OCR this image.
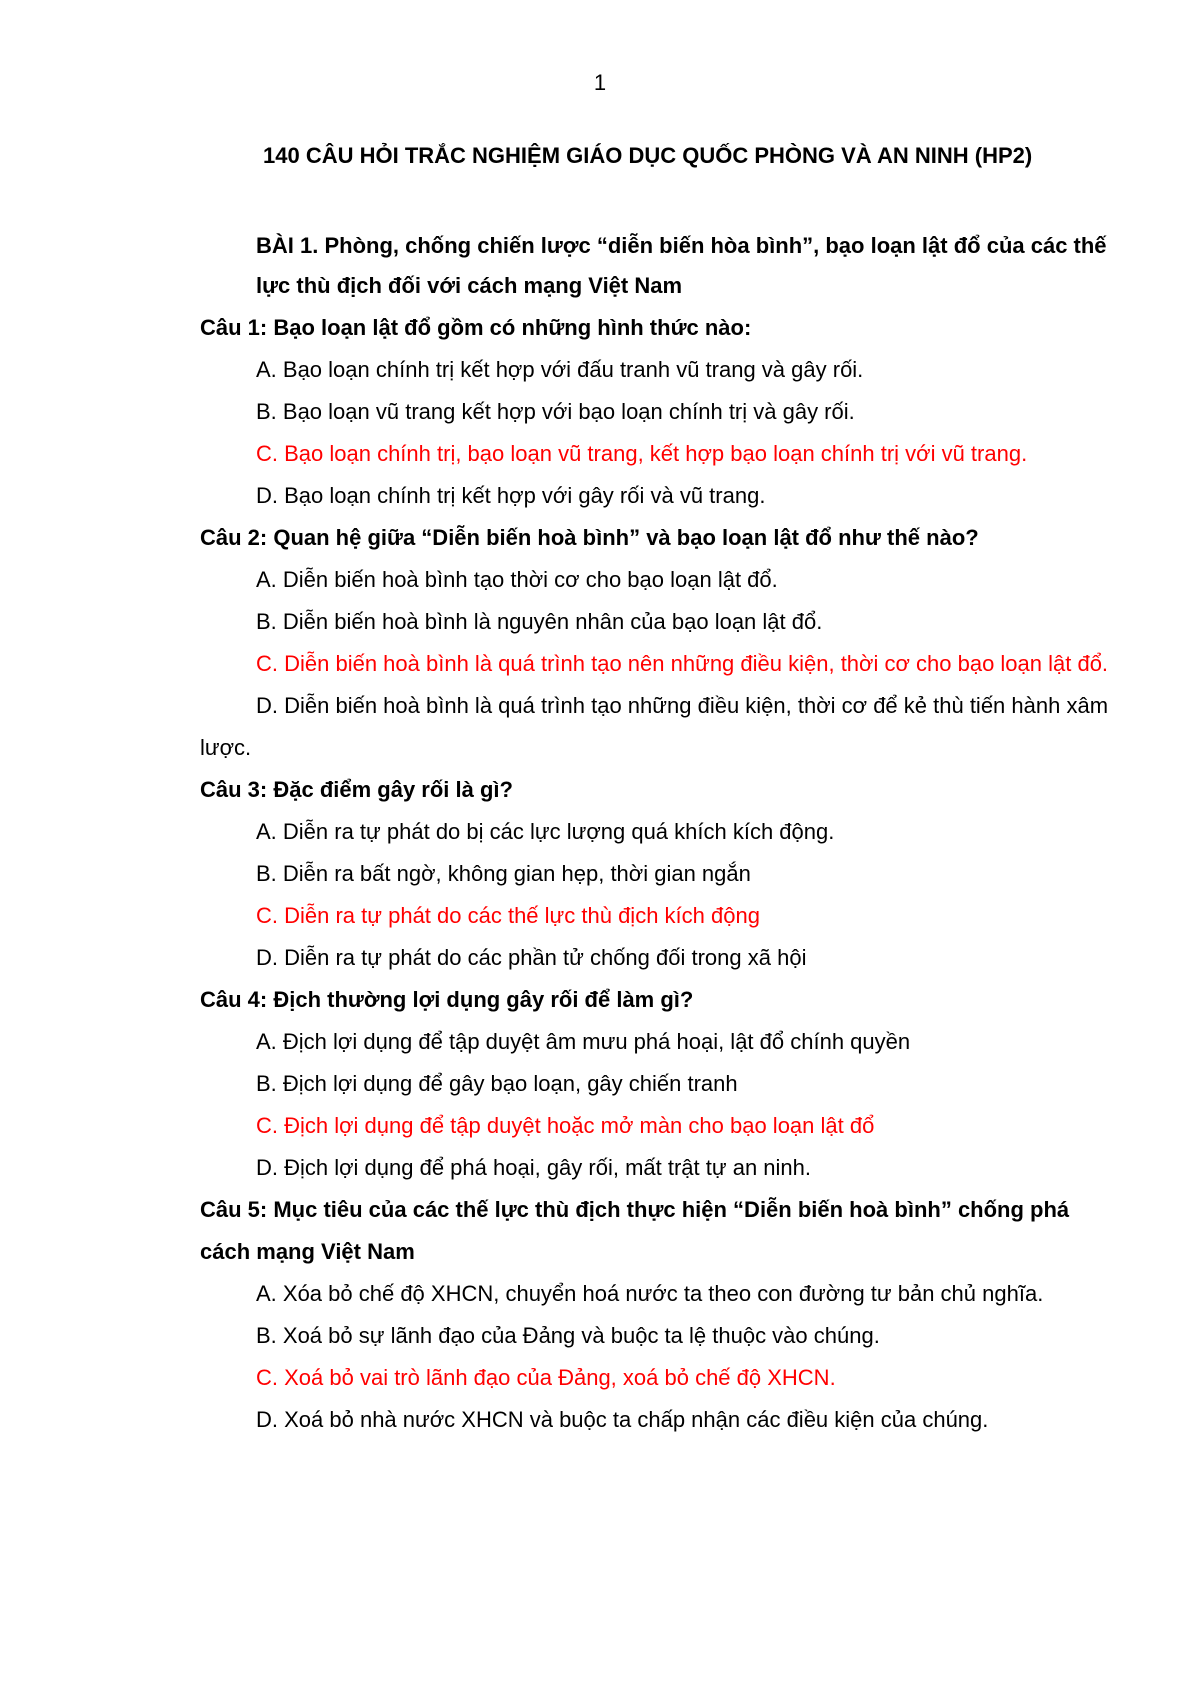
1
140 CÂU HỎI TRẮC NGHIỆM GIÁO DỤC QUỐC PHÒNG VÀ AN NINH (HP2)
BÀI 1. Phòng, chống chiến lược “diễn biến hòa bình”, bạo loạn lật đổ của các thế lực thù địch đối với cách mạng Việt Nam

Câu 1: Bạo loạn lật đổ gồm có những hình thức nào:

A. Bạo loạn chính trị kết hợp với đấu tranh vũ trang và gây rối.

B. Bạo loạn vũ trang kết hợp với bạo loạn chính trị và gây rối.

C. Bạo loạn chính trị, bạo loạn vũ trang, kết hợp bạo loạn chính trị với vũ trang.

D. Bạo loạn chính trị kết hợp với gây rối và vũ trang.

Câu 2: Quan hệ giữa “Diễn biến hoà bình” và bạo loạn lật đổ như thế nào?

A. Diễn biến hoà bình tạo thời cơ cho bạo loạn lật đổ.

B. Diễn biến hoà bình là nguyên nhân của bạo loạn lật đổ.

C. Diễn biến hoà bình là quá trình tạo nên những điều kiện, thời cơ cho bạo loạn lật đổ.

D. Diễn biến hoà bình là quá trình tạo những điều kiện, thời cơ để kẻ thù tiến hành xâm lược.

Câu 3: Đặc điểm gây rối là gì?

A. Diễn ra tự phát do bị các lực lượng quá khích kích động.

B. Diễn ra bất ngờ, không gian hẹp, thời gian ngắn

C. Diễn ra tự phát do các thế lực thù địch kích động

D. Diễn ra tự phát do các phần tử chống đối trong xã hội

Câu 4: Địch thường lợi dụng gây rối để làm gì?

A. Địch lợi dụng để tập duyệt âm mưu phá hoại, lật đổ chính quyền

B. Địch lợi dụng để gây bạo loạn, gây chiến tranh

C. Địch lợi dụng để tập duyệt hoặc mở màn cho bạo loạn lật đổ

D. Địch lợi dụng để phá hoại, gây rối, mất trật tự an ninh.

Câu 5: Mục tiêu của các thế lực thù địch thực hiện “Diễn biến hoà bình” chống phá cách mạng Việt Nam

A. Xóa bỏ chế độ XHCN, chuyển hoá nước ta theo con đường tư bản chủ nghĩa.

B. Xoá bỏ sự lãnh đạo của Đảng và buộc ta lệ thuộc vào chúng.

C. Xoá bỏ vai trò lãnh đạo của Đảng, xoá bỏ chế độ XHCN.

D. Xoá bỏ nhà nước XHCN và buộc ta chấp nhận các điều kiện của chúng.
